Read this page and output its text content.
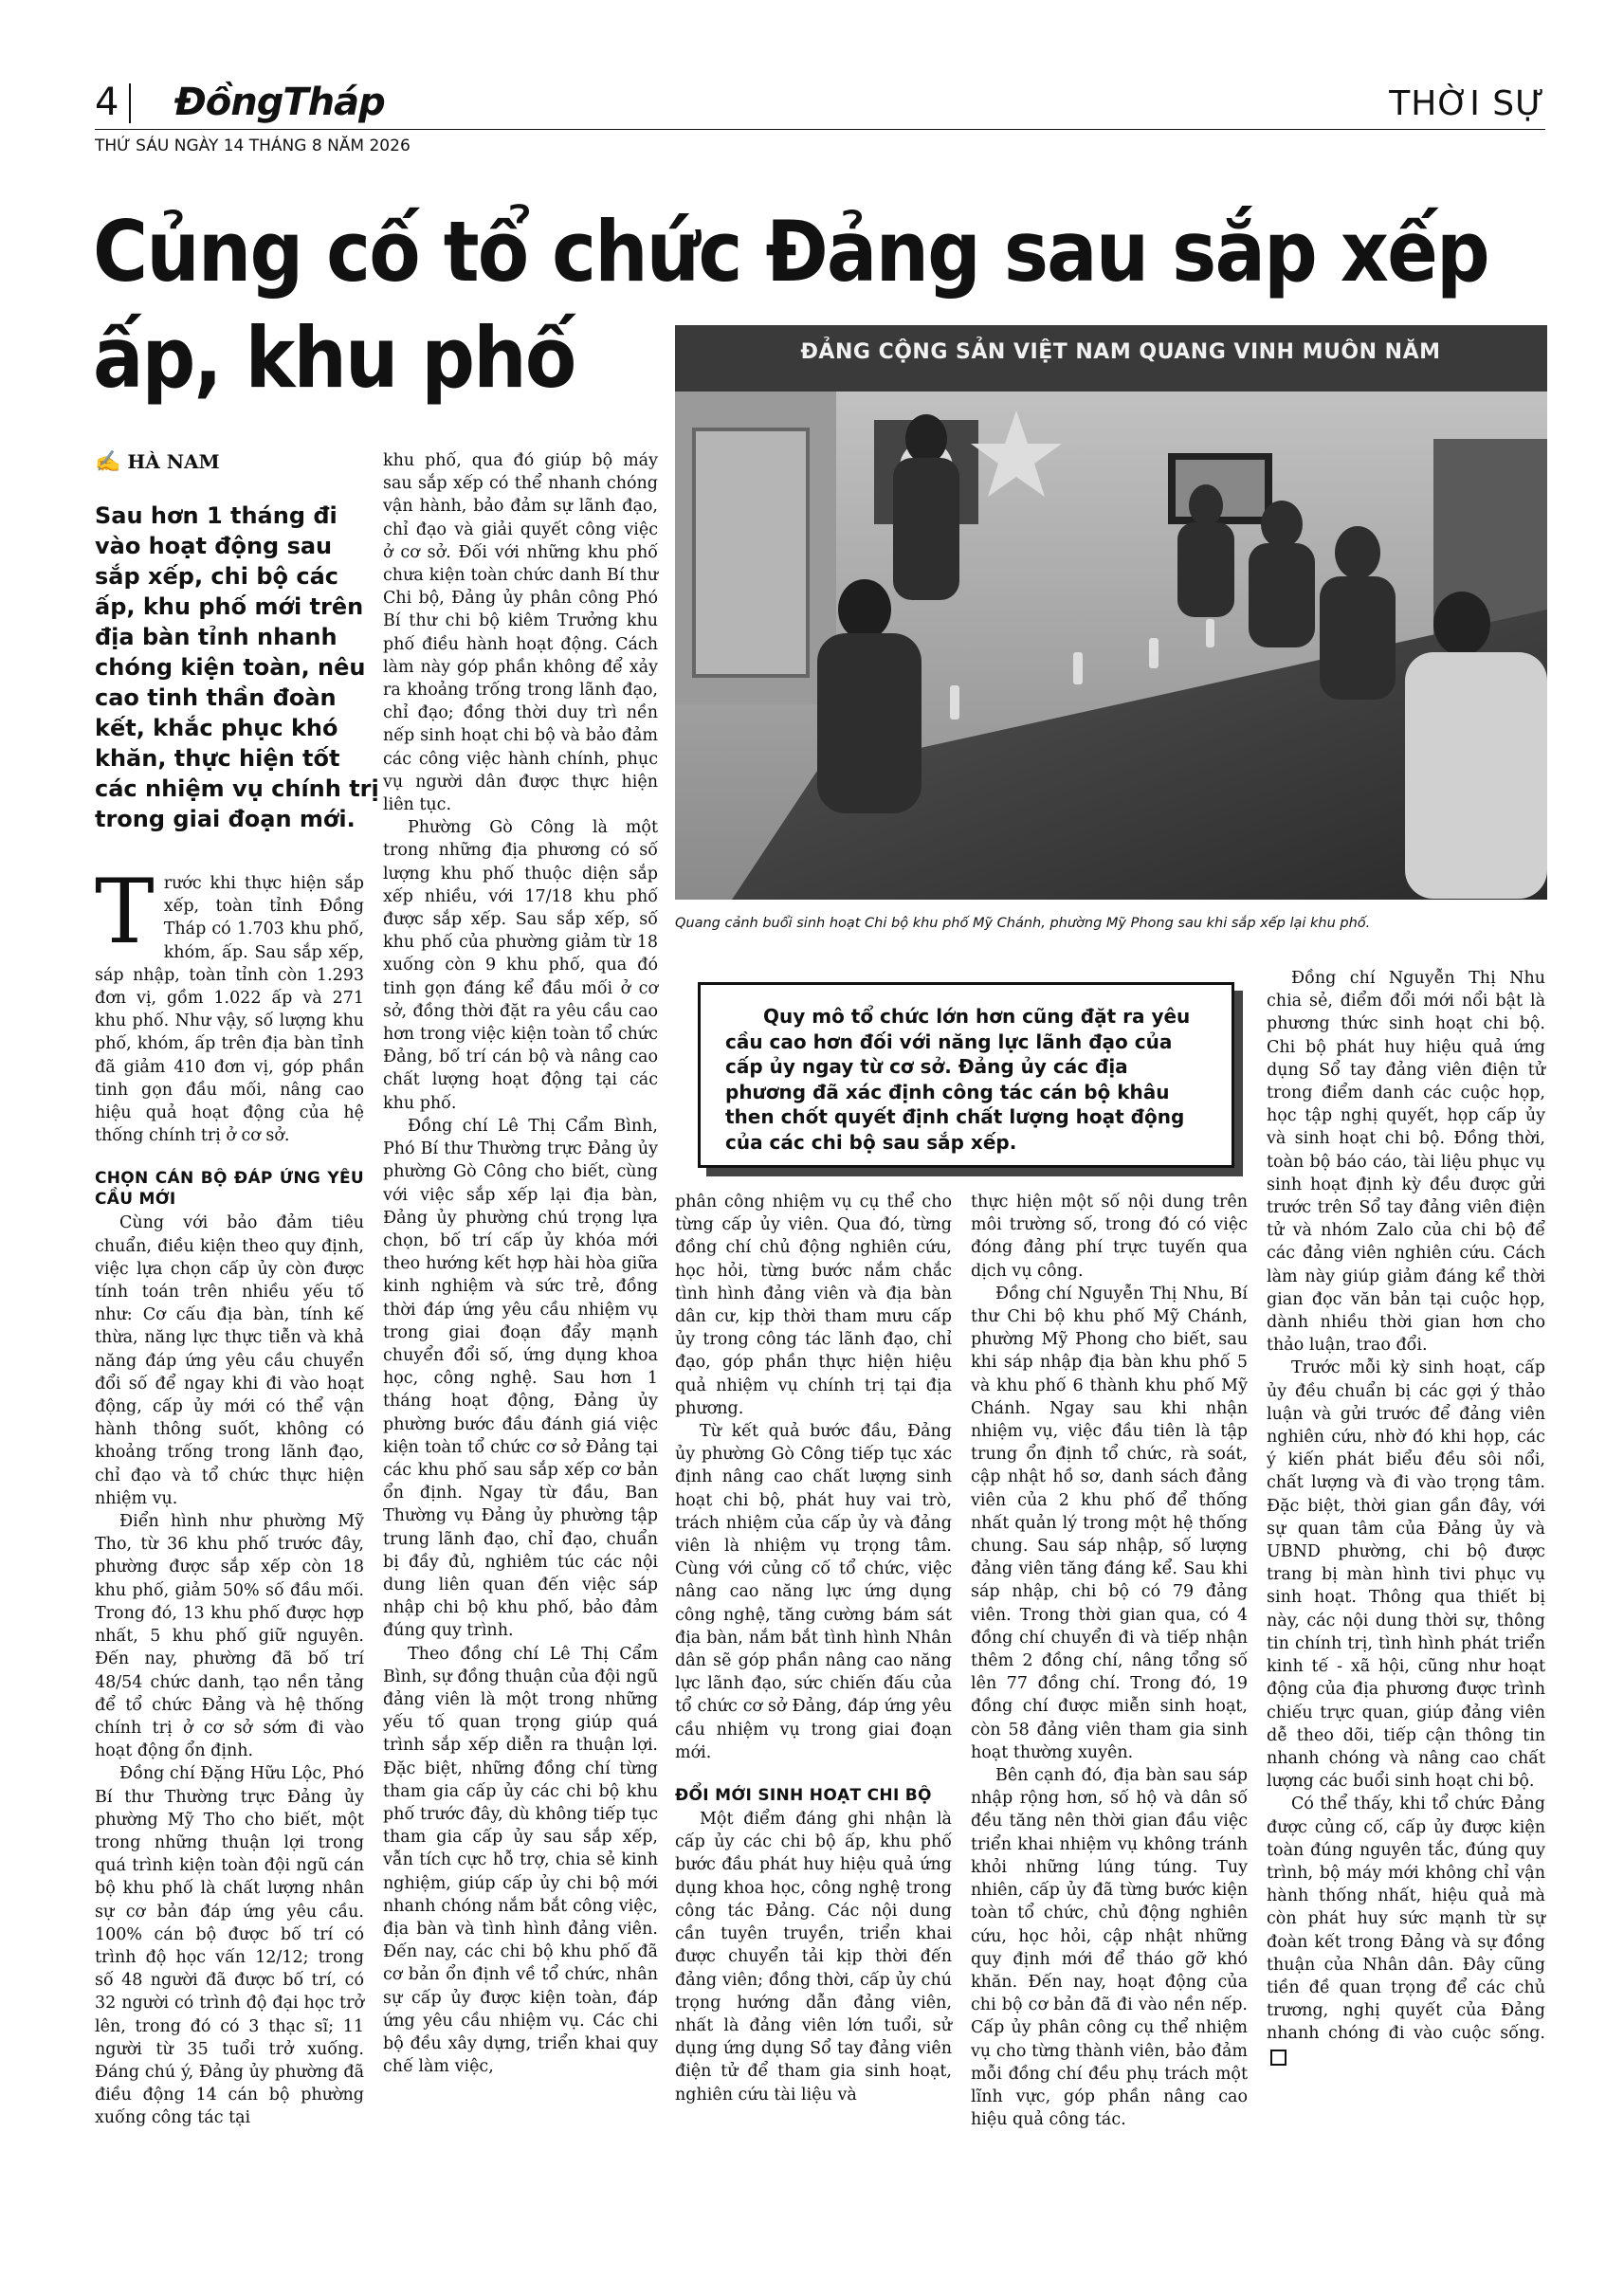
4 ĐồngTháp	THỜI SỰ
THỨ SÁU NGÀY 14 THÁNG 8 NĂM 2026
Củng cố tổ chức Đảng sau sắp xếp
ấp, khu phố
✍ HÀ NAM
Sau hơn 1 tháng đi vào hoạt động sau sắp xếp, chi bộ các ấp, khu phố mới trên địa bàn tỉnh nhanh chóng kiện toàn, nêu cao tinh thần đoàn kết, khắc phục khó khăn, thực hiện tốt các nhiệm vụ chính trị trong giai đoạn mới.
ĐẢNG CỘNG SẢN VIỆT NAM QUANG VINH MUÔN NĂM
Quang cảnh buổi sinh hoạt Chi bộ khu phố Mỹ Chánh, phường Mỹ Phong sau khi sắp xếp lại khu phố.
Quy mô tổ chức lớn hơn cũng đặt ra yêu cầu cao hơn đối với năng lực lãnh đạo của cấp ủy ngay từ cơ sở. Đảng ủy các địa phương đã xác định công tác cán bộ khâu then chốt quyết định chất lượng hoạt động của các chi bộ sau sắp xếp.

T rước khi thực hiện sắp xếp, toàn tỉnh Đồng Tháp có 1.703 khu phố, khóm, ấp. Sau sắp xếp, sáp nhập, toàn tỉnh còn 1.293 đơn vị, gồm 1.022 ấp và 271 khu phố. Như vậy, số lượng khu phố, khóm, ấp trên địa bàn tỉnh đã giảm 410 đơn vị, góp phần tinh gọn đầu mối, nâng cao hiệu quả hoạt động của hệ thống chính trị ở cơ sở.

CHỌN CÁN BỘ ĐÁP ỨNG YÊU CẦU MỚI

Cùng với bảo đảm tiêu chuẩn, điều kiện theo quy định, việc lựa chọn cấp ủy còn được tính toán trên nhiều yếu tố như: Cơ cấu địa bàn, tính kế thừa, năng lực thực tiễn và khả năng đáp ứng yêu cầu chuyển đổi số để ngay khi đi vào hoạt động, cấp ủy mới có thể vận hành thông suốt, không có khoảng trống trong lãnh đạo, chỉ đạo và tổ chức thực hiện nhiệm vụ.

Điển hình như phường Mỹ Tho, từ 36 khu phố trước đây, phường được sắp xếp còn 18 khu phố, giảm 50% số đầu mối. Trong đó, 13 khu phố được hợp nhất, 5 khu phố giữ nguyên. Đến nay, phường đã bố trí 48/54 chức danh, tạo nền tảng để tổ chức Đảng và hệ thống chính trị ở cơ sở sớm đi vào hoạt động ổn định.

Đồng chí Đặng Hữu Lộc, Phó Bí thư Thường trực Đảng ủy phường Mỹ Tho cho biết, một trong những thuận lợi trong quá trình kiện toàn đội ngũ cán bộ khu phố là chất lượng nhân sự cơ bản đáp ứng yêu cầu. 100% cán bộ được bố trí có trình độ học vấn 12/12; trong số 48 người đã được bố trí, có 32 người có trình độ đại học trở lên, trong đó có 3 thạc sĩ; 11 người từ 35 tuổi trở xuống. Đáng chú ý, Đảng ủy phường đã điều động 14 cán bộ phường xuống công tác tại

khu phố, qua đó giúp bộ máy sau sắp xếp có thể nhanh chóng vận hành, bảo đảm sự lãnh đạo, chỉ đạo và giải quyết công việc ở cơ sở. Đối với những khu phố chưa kiện toàn chức danh Bí thư Chi bộ, Đảng ủy phân công Phó Bí thư chi bộ kiêm Trưởng khu phố điều hành hoạt động. Cách làm này góp phần không để xảy ra khoảng trống trong lãnh đạo, chỉ đạo; đồng thời duy trì nền nếp sinh hoạt chi bộ và bảo đảm các công việc hành chính, phục vụ người dân được thực hiện liên tục.

Phường Gò Công là một trong những địa phương có số lượng khu phố thuộc diện sắp xếp nhiều, với 17/18 khu phố được sắp xếp. Sau sắp xếp, số khu phố của phường giảm từ 18 xuống còn 9 khu phố, qua đó tinh gọn đáng kể đầu mối ở cơ sở, đồng thời đặt ra yêu cầu cao hơn trong việc kiện toàn tổ chức Đảng, bố trí cán bộ và nâng cao chất lượng hoạt động tại các khu phố.

Đồng chí Lê Thị Cẩm Bình, Phó Bí thư Thường trực Đảng ủy phường Gò Công cho biết, cùng với việc sắp xếp lại địa bàn, Đảng ủy phường chú trọng lựa chọn, bố trí cấp ủy khóa mới theo hướng kết hợp hài hòa giữa kinh nghiệm và sức trẻ, đồng thời đáp ứng yêu cầu nhiệm vụ trong giai đoạn đẩy mạnh chuyển đổi số, ứng dụng khoa học, công nghệ. Sau hơn 1 tháng hoạt động, Đảng ủy phường bước đầu đánh giá việc kiện toàn tổ chức cơ sở Đảng tại các khu phố sau sắp xếp cơ bản ổn định. Ngay từ đầu, Ban Thường vụ Đảng ủy phường tập trung lãnh đạo, chỉ đạo, chuẩn bị đầy đủ, nghiêm túc các nội dung liên quan đến việc sáp nhập chi bộ khu phố, bảo đảm đúng quy trình.

Theo đồng chí Lê Thị Cẩm Bình, sự đồng thuận của đội ngũ đảng viên là một trong những yếu tố quan trọng giúp quá trình sắp xếp diễn ra thuận lợi. Đặc biệt, những đồng chí từng tham gia cấp ủy các chi bộ khu phố trước đây, dù không tiếp tục tham gia cấp ủy sau sắp xếp, vẫn tích cực hỗ trợ, chia sẻ kinh nghiệm, giúp cấp ủy chi bộ mới nhanh chóng nắm bắt công việc, địa bàn và tình hình đảng viên. Đến nay, các chi bộ khu phố đã cơ bản ổn định về tổ chức, nhân sự cấp ủy được kiện toàn, đáp ứng yêu cầu nhiệm vụ. Các chi bộ đều xây dựng, triển khai quy chế làm việc,

phân công nhiệm vụ cụ thể cho từng cấp ủy viên. Qua đó, từng đồng chí chủ động nghiên cứu, học hỏi, từng bước nắm chắc tình hình đảng viên và địa bàn dân cư, kịp thời tham mưu cấp ủy trong công tác lãnh đạo, chỉ đạo, góp phần thực hiện hiệu quả nhiệm vụ chính trị tại địa phương.

Từ kết quả bước đầu, Đảng ủy phường Gò Công tiếp tục xác định nâng cao chất lượng sinh hoạt chi bộ, phát huy vai trò, trách nhiệm của cấp ủy và đảng viên là nhiệm vụ trọng tâm. Cùng với củng cố tổ chức, việc nâng cao năng lực ứng dụng công nghệ, tăng cường bám sát địa bàn, nắm bắt tình hình Nhân dân sẽ góp phần nâng cao năng lực lãnh đạo, sức chiến đấu của tổ chức cơ sở Đảng, đáp ứng yêu cầu nhiệm vụ trong giai đoạn mới.

ĐỔI MỚI SINH HOẠT CHI BỘ

Một điểm đáng ghi nhận là cấp ủy các chi bộ ấp, khu phố bước đầu phát huy hiệu quả ứng dụng khoa học, công nghệ trong công tác Đảng. Các nội dung cần tuyên truyền, triển khai được chuyển tải kịp thời đến đảng viên; đồng thời, cấp ủy chú trọng hướng dẫn đảng viên, nhất là đảng viên lớn tuổi, sử dụng ứng dụng Sổ tay đảng viên điện tử để tham gia sinh hoạt, nghiên cứu tài liệu và

thực hiện một số nội dung trên môi trường số, trong đó có việc đóng đảng phí trực tuyến qua dịch vụ công.

Đồng chí Nguyễn Thị Nhu, Bí thư Chi bộ khu phố Mỹ Chánh, phường Mỹ Phong cho biết, sau khi sáp nhập địa bàn khu phố 5 và khu phố 6 thành khu phố Mỹ Chánh. Ngay sau khi nhận nhiệm vụ, việc đầu tiên là tập trung ổn định tổ chức, rà soát, cập nhật hồ sơ, danh sách đảng viên của 2 khu phố để thống nhất quản lý trong một hệ thống chung. Sau sáp nhập, số lượng đảng viên tăng đáng kể. Sau khi sáp nhập, chi bộ có 79 đảng viên. Trong thời gian qua, có 4 đồng chí chuyển đi và tiếp nhận thêm 2 đồng chí, nâng tổng số lên 77 đồng chí. Trong đó, 19 đồng chí được miễn sinh hoạt, còn 58 đảng viên tham gia sinh hoạt thường xuyên.

Bên cạnh đó, địa bàn sau sáp nhập rộng hơn, số hộ và dân số đều tăng nên thời gian đầu việc triển khai nhiệm vụ không tránh khỏi những lúng túng. Tuy nhiên, cấp ủy đã từng bước kiện toàn tổ chức, chủ động nghiên cứu, học hỏi, cập nhật những quy định mới để tháo gỡ khó khăn. Đến nay, hoạt động của chi bộ cơ bản đã đi vào nền nếp. Cấp ủy phân công cụ thể nhiệm vụ cho từng thành viên, bảo đảm mỗi đồng chí đều phụ trách một lĩnh vực, góp phần nâng cao hiệu quả công tác.

Đồng chí Nguyễn Thị Nhu chia sẻ, điểm đổi mới nổi bật là phương thức sinh hoạt chi bộ. Chi bộ phát huy hiệu quả ứng dụng Sổ tay đảng viên điện tử trong điểm danh các cuộc họp, học tập nghị quyết, họp cấp ủy và sinh hoạt chi bộ. Đồng thời, toàn bộ báo cáo, tài liệu phục vụ sinh hoạt định kỳ đều được gửi trước trên Sổ tay đảng viên điện tử và nhóm Zalo của chi bộ để các đảng viên nghiên cứu. Cách làm này giúp giảm đáng kể thời gian đọc văn bản tại cuộc họp, dành nhiều thời gian hơn cho thảo luận, trao đổi.

Trước mỗi kỳ sinh hoạt, cấp ủy đều chuẩn bị các gợi ý thảo luận và gửi trước để đảng viên nghiên cứu, nhờ đó khi họp, các ý kiến phát biểu đều sôi nổi, chất lượng và đi vào trọng tâm. Đặc biệt, thời gian gần đây, với sự quan tâm của Đảng ủy và UBND phường, chi bộ được trang bị màn hình tivi phục vụ sinh hoạt. Thông qua thiết bị này, các nội dung thời sự, thông tin chính trị, tình hình phát triển kinh tế - xã hội, cũng như hoạt động của địa phương được trình chiếu trực quan, giúp đảng viên dễ theo dõi, tiếp cận thông tin nhanh chóng và nâng cao chất lượng các buổi sinh hoạt chi bộ.

Có thể thấy, khi tổ chức Đảng được củng cố, cấp ủy được kiện toàn đúng nguyên tắc, đúng quy trình, bộ máy mới không chỉ vận hành thống nhất, hiệu quả mà còn phát huy sức mạnh từ sự đoàn kết trong Đảng và sự đồng thuận của Nhân dân. Đây cũng tiền đề quan trọng để các chủ trương, nghị quyết của Đảng nhanh chóng đi vào cuộc sống.
